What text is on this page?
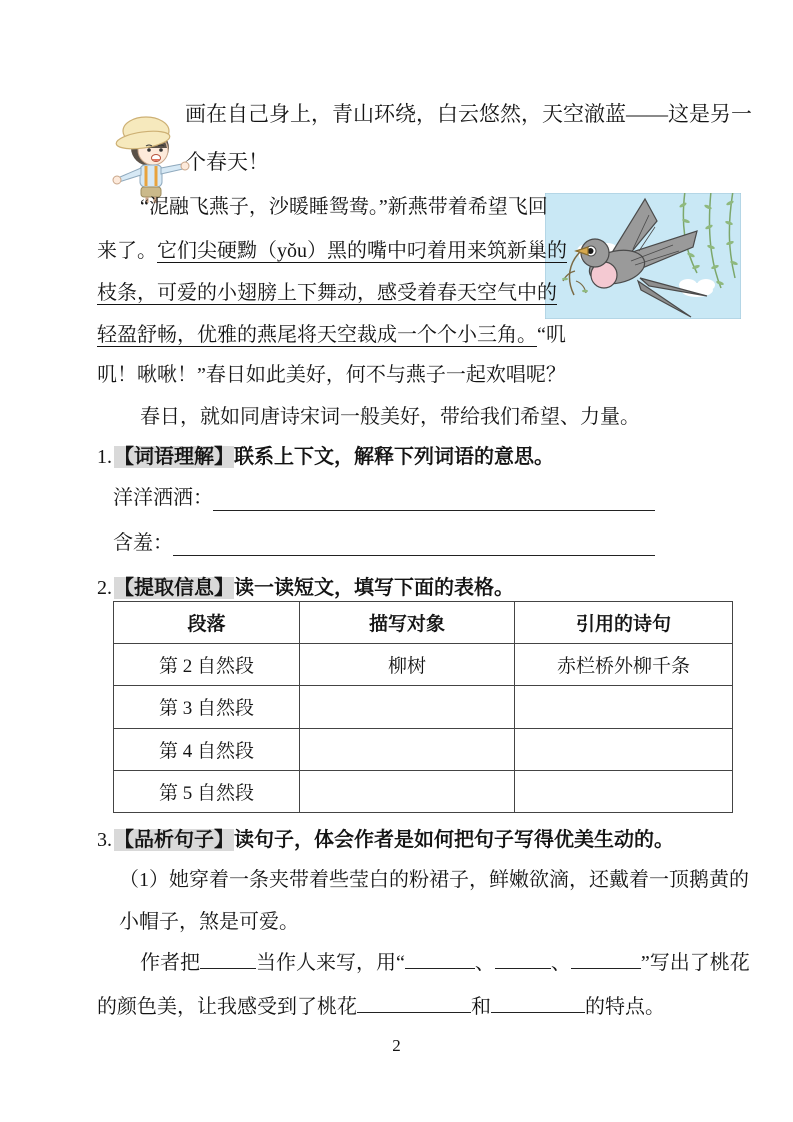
画在自己身上，青山环绕，白云悠然，天空澈蓝——这是另一
个春天！
“泥融飞燕子，沙暖睡鸳鸯。”新燕带着希望飞回
来了。它们尖硬黝（yǒu）黑的嘴中叼着用来筑新巢的
枝条，可爱的小翅膀上下舞动，感受着春天空气中的
轻盈舒畅，优雅的燕尾将天空裁成一个个小三角。“叽
叽！啾啾！”春日如此美好，何不与燕子一起欢唱呢？
春日，就如同唐诗宋词一般美好，带给我们希望、力量。
1. 【词语理解】联系上下文，解释下列词语的意思。
洋洋洒洒：
含羞：
2. 【提取信息】读一读短文，填写下面的表格。
段落	描写对象	引用的诗句
第 2 自然段	柳树	赤栏桥外柳千条
第 3 自然段		
第 4 自然段		
第 5 自然段		
3. 【品析句子】读句子，体会作者是如何把句子写得优美生动的。
（1）她穿着一条夹带着些莹白的粉裙子，鲜嫩欲滴，还戴着一顶鹅黄的
小帽子，煞是可爱。
作者把	当作人来写，用“	、	、	”写出了桃花
的颜色美，让我感受到了桃花	和	的特点。
2
